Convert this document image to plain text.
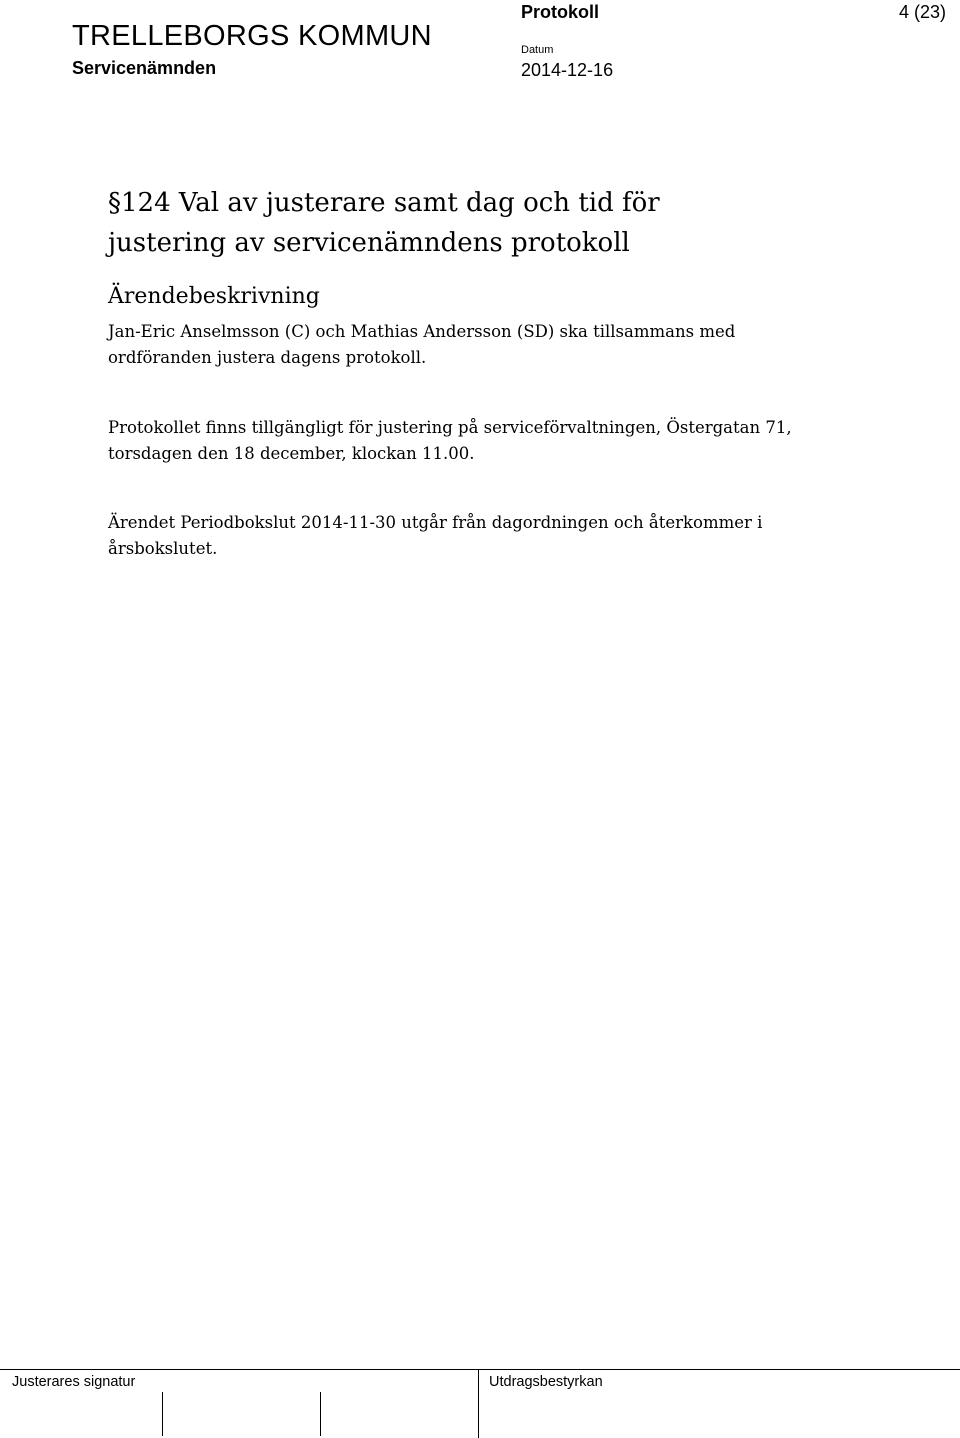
TRELLEBORGS KOMMUN
Servicenämnden
Protokoll	4 (23)
Datum
2014-12-16
§124 Val av justerare samt dag och tid för
justering av servicenämndens protokoll
Ärendebeskrivning
Jan-Eric Anselmsson (C) och Mathias Andersson (SD) ska tillsammans med
ordföranden justera dagens protokoll.
Protokollet finns tillgängligt för justering på serviceförvaltningen, Östergatan 71,
torsdagen den 18 december, klockan 11.00.
Ärendet Periodbokslut 2014-11-30 utgår från dagordningen och återkommer i
årsbokslutet.
Justerares signatur	Utdragsbestyrkan
